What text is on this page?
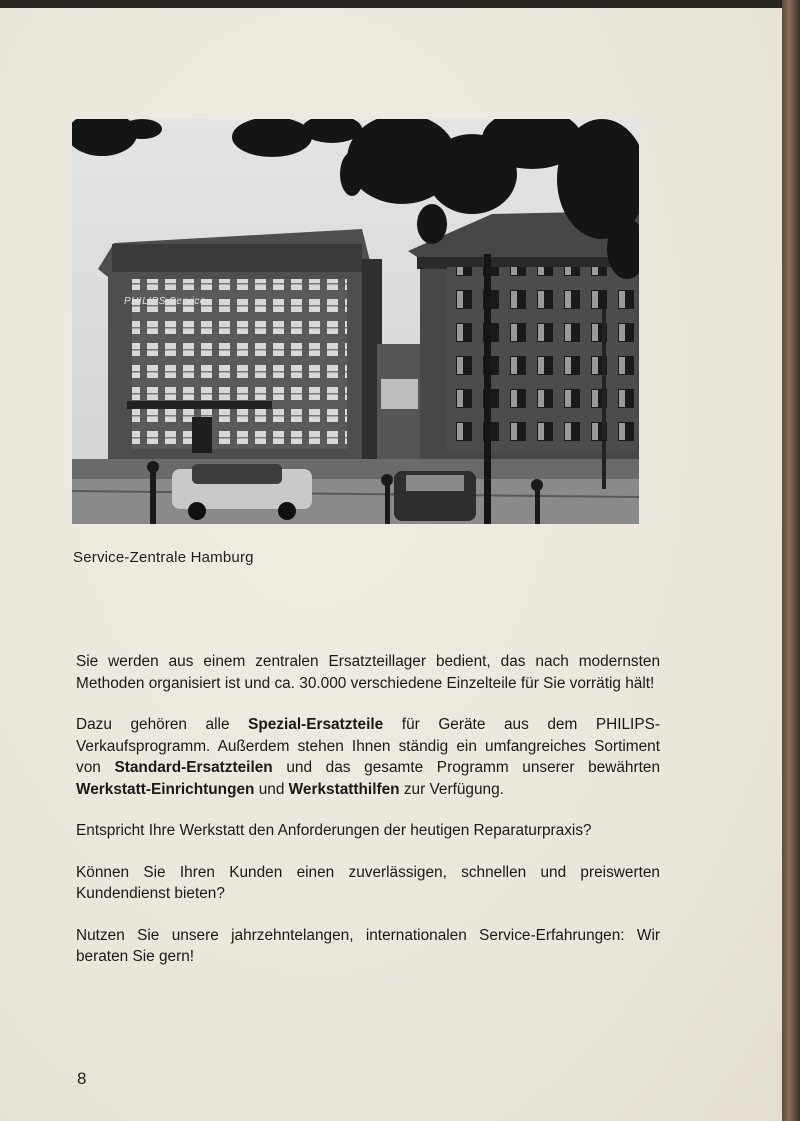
PHILIPS Service
Service-Zentrale Hamburg

Sie werden aus einem zentralen Ersatzteillager bedient, das nach modernsten Methoden organisiert ist und ca. 30.000 verschiedene Einzelteile für Sie vorrätig hält!

Dazu gehören alle Spezial-Ersatzteile für Geräte aus dem PHILIPS-Verkaufsprogramm. Außerdem stehen Ihnen ständig ein umfangreiches Sortiment von Standard-Ersatzteilen und das gesamte Programm unserer bewährten Werkstatt-Einrichtungen und Werkstatthilfen zur Verfügung.

Entspricht Ihre Werkstatt den Anforderungen der heutigen Reparaturpraxis?

Können Sie Ihren Kunden einen zuverlässigen, schnellen und preiswerten Kundendienst bieten?

Nutzen Sie unsere jahrzehntelangen, internationalen Service-Erfahrungen: Wir beraten Sie gern!

8
